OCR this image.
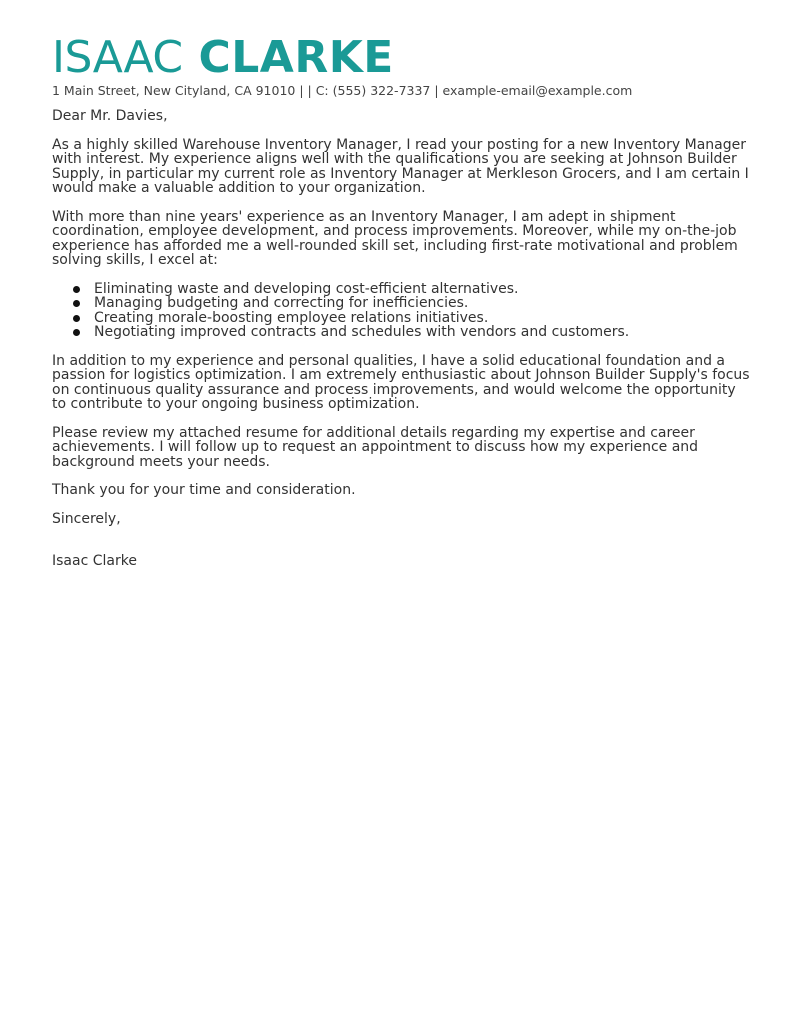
ISAAC CLARKE
1 Main Street, New Cityland, CA 91010 | | C: (555) 322-7337 | example-email@example.com

Dear Mr. Davies,

As a highly skilled Warehouse Inventory Manager, I read your posting for a new Inventory Manager with interest. My experience aligns well with the qualifications you are seeking at Johnson Builder Supply, in particular my current role as Inventory Manager at Merkleson Grocers, and I am certain I would make a valuable addition to your organization.

With more than nine years' experience as an Inventory Manager, I am adept in shipment coordination, employee development, and process improvements. Moreover, while my on-the-job experience has afforded me a well-rounded skill set, including first-rate motivational and problem solving skills, I excel at:

Eliminating waste and developing cost-efficient alternatives.
Managing budgeting and correcting for inefficiencies.
Creating morale-boosting employee relations initiatives.
Negotiating improved contracts and schedules with vendors and customers.

In addition to my experience and personal qualities, I have a solid educational foundation and a passion for logistics optimization. I am extremely enthusiastic about Johnson Builder Supply's focus on continuous quality assurance and process improvements, and would welcome the opportunity to contribute to your ongoing business optimization.

Please review my attached resume for additional details regarding my expertise and career achievements. I will follow up to request an appointment to discuss how my experience and background meets your needs.

Thank you for your time and consideration.

Sincerely,

Isaac Clarke
